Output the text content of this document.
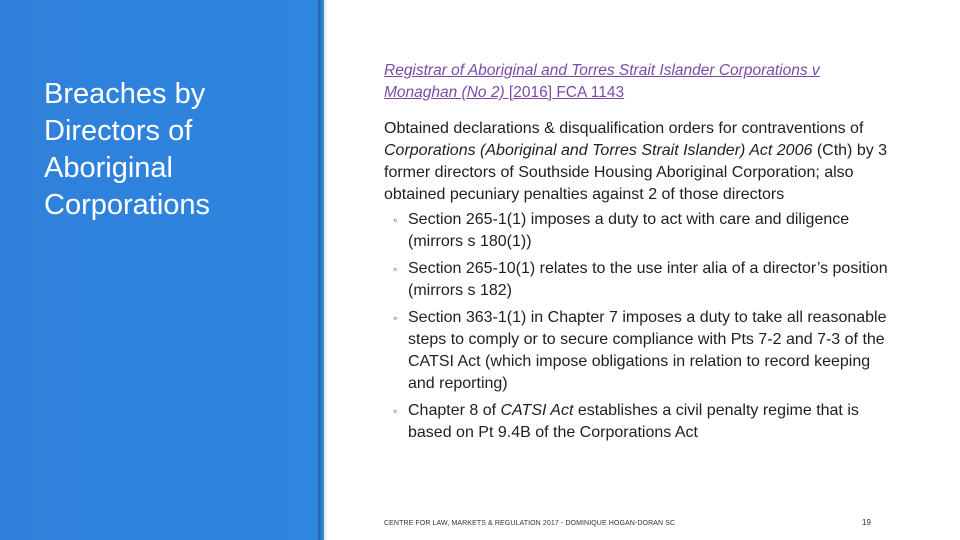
Breaches by Directors of Aboriginal Corporations
Registrar of Aboriginal and Torres Strait Islander Corporations v Monaghan (No 2) [2016] FCA 1143

Obtained declarations & disqualification orders for contraventions of Corporations (Aboriginal and Torres Strait Islander) Act 2006 (Cth) by 3 former directors of Southside Housing Aboriginal Corporation; also obtained pecuniary penalties against 2 of those directors

◦ Section 265-1(1) imposes a duty to act with care and diligence (mirrors s 180(1))
◦ Section 265-10(1) relates to the use inter alia of a director’s position (mirrors s 182)
◦ Section 363-1(1) in Chapter 7 imposes a duty to take all reasonable steps to comply or to secure compliance with Pts 7-2 and 7-3 of the CATSI Act (which impose obligations in relation to record keeping and reporting)
◦ Chapter 8 of CATSI Act establishes a civil penalty regime that is based on Pt 9.4B of the Corporations Act
CENTRE FOR LAW, MARKETS & REGULATION 2017 - DOMINIQUE HOGAN-DORAN SC	19
